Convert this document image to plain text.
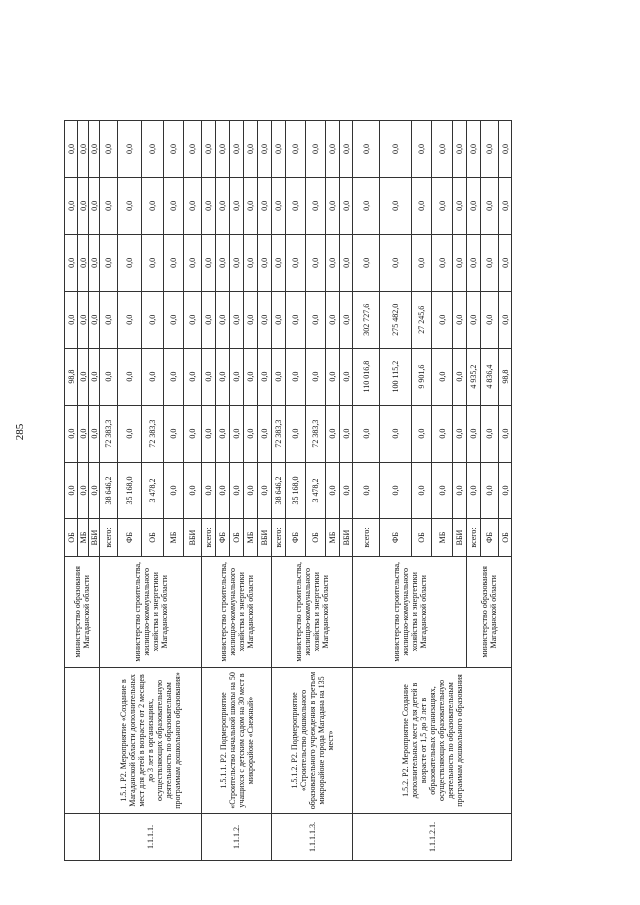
285
		министерство образования Магаданской области	ОБ	0,0	0,0	98,8	0,0	0,0	0,0	0,0
			МБ	0,0	0,0	0,0	0,0	0,0	0,0	0,0
			ВБИ	0,0	0,0	0,0	0,0	0,0	0,0	0,0
1.1.1.1.	1.5.1. Р2. Мероприятие «Создание в Магаданской области дополнительных мест для детей в возрасте от 2 месяцев до 3 лет в организациях, осуществляющих образовательную деятельность по образовательным программам дошкольного образования»	министерство строительства, жилищно-коммунального хозяйства и энергетики Магаданской области	всего:	38 646,2	72 383,3	0,0	0,0	0,0	0,0	0,0
			ФБ	35 168,0	0,0	0,0	0,0	0,0	0,0	0,0
			ОБ	3 478,2	72 383,3	0,0	0,0	0,0	0,0	0,0
			МБ	0,0	0,0	0,0	0,0	0,0	0,0	0,0
			ВБИ	0,0	0,0	0,0	0,0	0,0	0,0	0,0
1.1.1.2.	1.5.1.1. Р2. Подмероприятие «Строительство начальной школы на 50 учащихся с детским садом на 30 мест в микрорайоне «Снежный»	министерство строительства, жилищно-коммунального хозяйства и энергетики Магаданской области	всего:	0,0	0,0	0,0	0,0	0,0	0,0	0,0
			ФБ	0,0	0,0	0,0	0,0	0,0	0,0	0,0
			ОБ	0,0	0,0	0,0	0,0	0,0	0,0	0,0
			МБ	0,0	0,0	0,0	0,0	0,0	0,0	0,0
			ВБИ	0,0	0,0	0,0	0,0	0,0	0,0	0,0
1.1.1.1.3.	1.5.1.2. Р2. Подмероприятие «Строительство дошкольного образовательного учреждения в третьем микрорайоне города Магадана на 135 мест»	министерство строительства, жилищно-коммунального хозяйства и энергетики Магаданской области	всего:	38 646,2	72 383,3	0,0	0,0	0,0	0,0	0,0
			ФБ	35 168,0	0,0	0,0	0,0	0,0	0,0	0,0
			ОБ	3 478,2	72 383,3	0,0	0,0	0,0	0,0	0,0
			МБ	0,0	0,0	0,0	0,0	0,0	0,0	0,0
			ВБИ	0,0	0,0	0,0	0,0	0,0	0,0	0,0
1.1.1.2.1.	1.5.2. Р2. Мероприятие Создание дополнительных мест для детей в возрасте от 1,5 до 3 лет в образовательных организациях, осуществляющих образовательную деятельность по образовательным программам дошкольного образования	министерство строительства, жилищно-коммунального хозяйства и энергетики Магаданской области	всего:	0,0	0,0	110 016,8	302 727,6	0,0	0,0	0,0
			ФБ	0,0	0,0	100 115,2	275 482,0	0,0	0,0	0,0
			ОБ	0,0	0,0	9 901,6	27 245,6	0,0	0,0	0,0
			МБ	0,0	0,0	0,0	0,0	0,0	0,0	0,0
			ВБИ	0,0	0,0	0,0	0,0	0,0	0,0	0,0
		министерство образования Магаданской области	всего:	0,0	0,0	4 935,2	0,0	0,0	0,0	0,0
			ФБ	0,0	0,0	4 836,4	0,0	0,0	0,0	0,0
			ОБ	0,0	0,0	98,8	0,0	0,0	0,0	0,0
